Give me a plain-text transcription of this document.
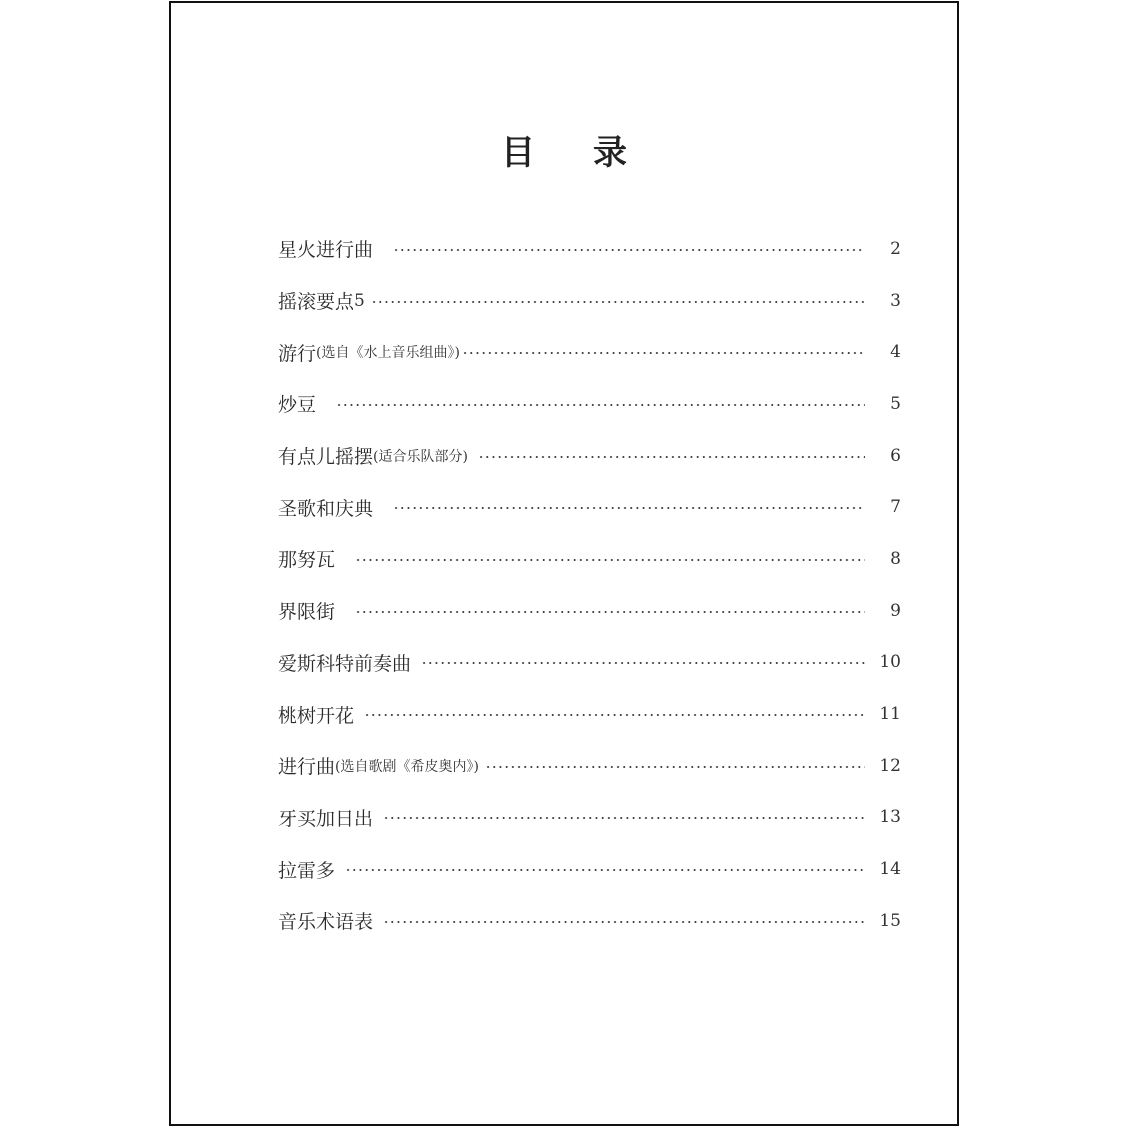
目 录
星火进行曲	2
摇滚要点 5	3
游行 (选自《水上音乐组曲》)	4
炒豆	5
有点儿摇摆 (适合乐队部分)	6
圣歌和庆典	7
那努瓦	8
界限街	9
爱斯科特前奏曲	10
桃树开花	11
进行曲 (选自歌剧《希皮奥内》)	12
牙买加日出	13
拉雷多	14
音乐术语表	15
